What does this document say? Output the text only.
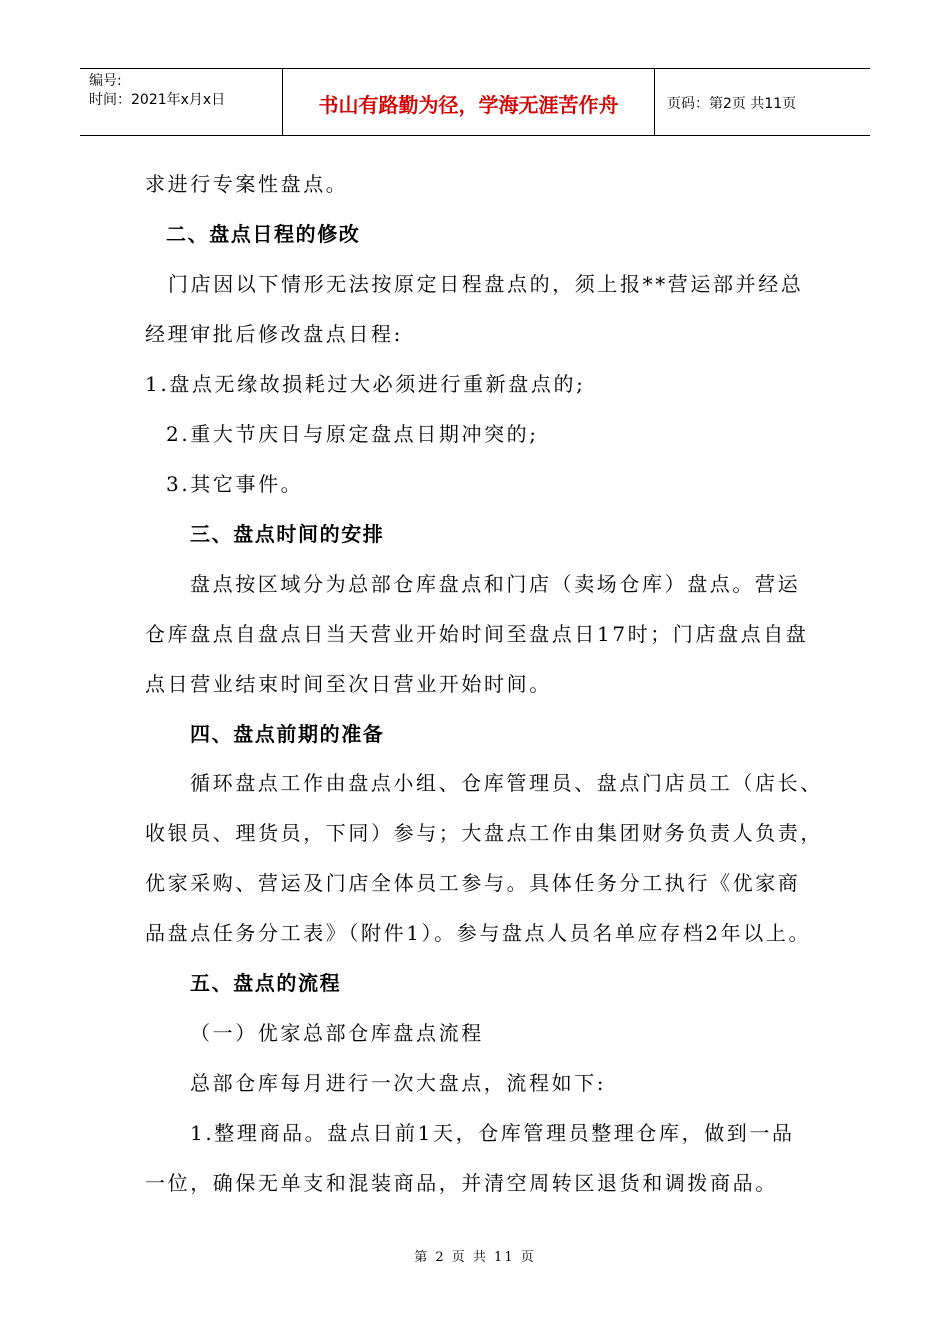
编号:
时间：2021年x月x日	书山有路勤为径，学海无涯苦作舟	页码：第2页 共11页
求进行专案性盘点。
二、盘点日程的修改
门店因以下情形无法按原定日程盘点的，须上报**营运部并经总
经理审批后修改盘点日程:
1.盘点无缘故损耗过大必须进行重新盘点的;
2.重大节庆日与原定盘点日期冲突的;
3.其它事件。
三、盘点时间的安排
盘点按区域分为总部仓库盘点和门店（卖场仓库）盘点。营运
仓库盘点自盘点日当天营业开始时间至盘点日17时；门店盘点自盘
点日营业结束时间至次日营业开始时间。
四、盘点前期的准备
循环盘点工作由盘点小组、仓库管理员、盘点门店员工（店长、
收银员、理货员，下同）参与；大盘点工作由集团财务负责人负责，
优家采购、营运及门店全体员工参与。具体任务分工执行《优家商
品盘点任务分工表》（附件1）。参与盘点人员名单应存档2年以上。
五、盘点的流程
（一）优家总部仓库盘点流程
总部仓库每月进行一次大盘点，流程如下:
1.整理商品。盘点日前1天，仓库管理员整理仓库，做到一品
一位，确保无单支和混装商品，并清空周转区退货和调拨商品。
第 2 页 共 11 页
